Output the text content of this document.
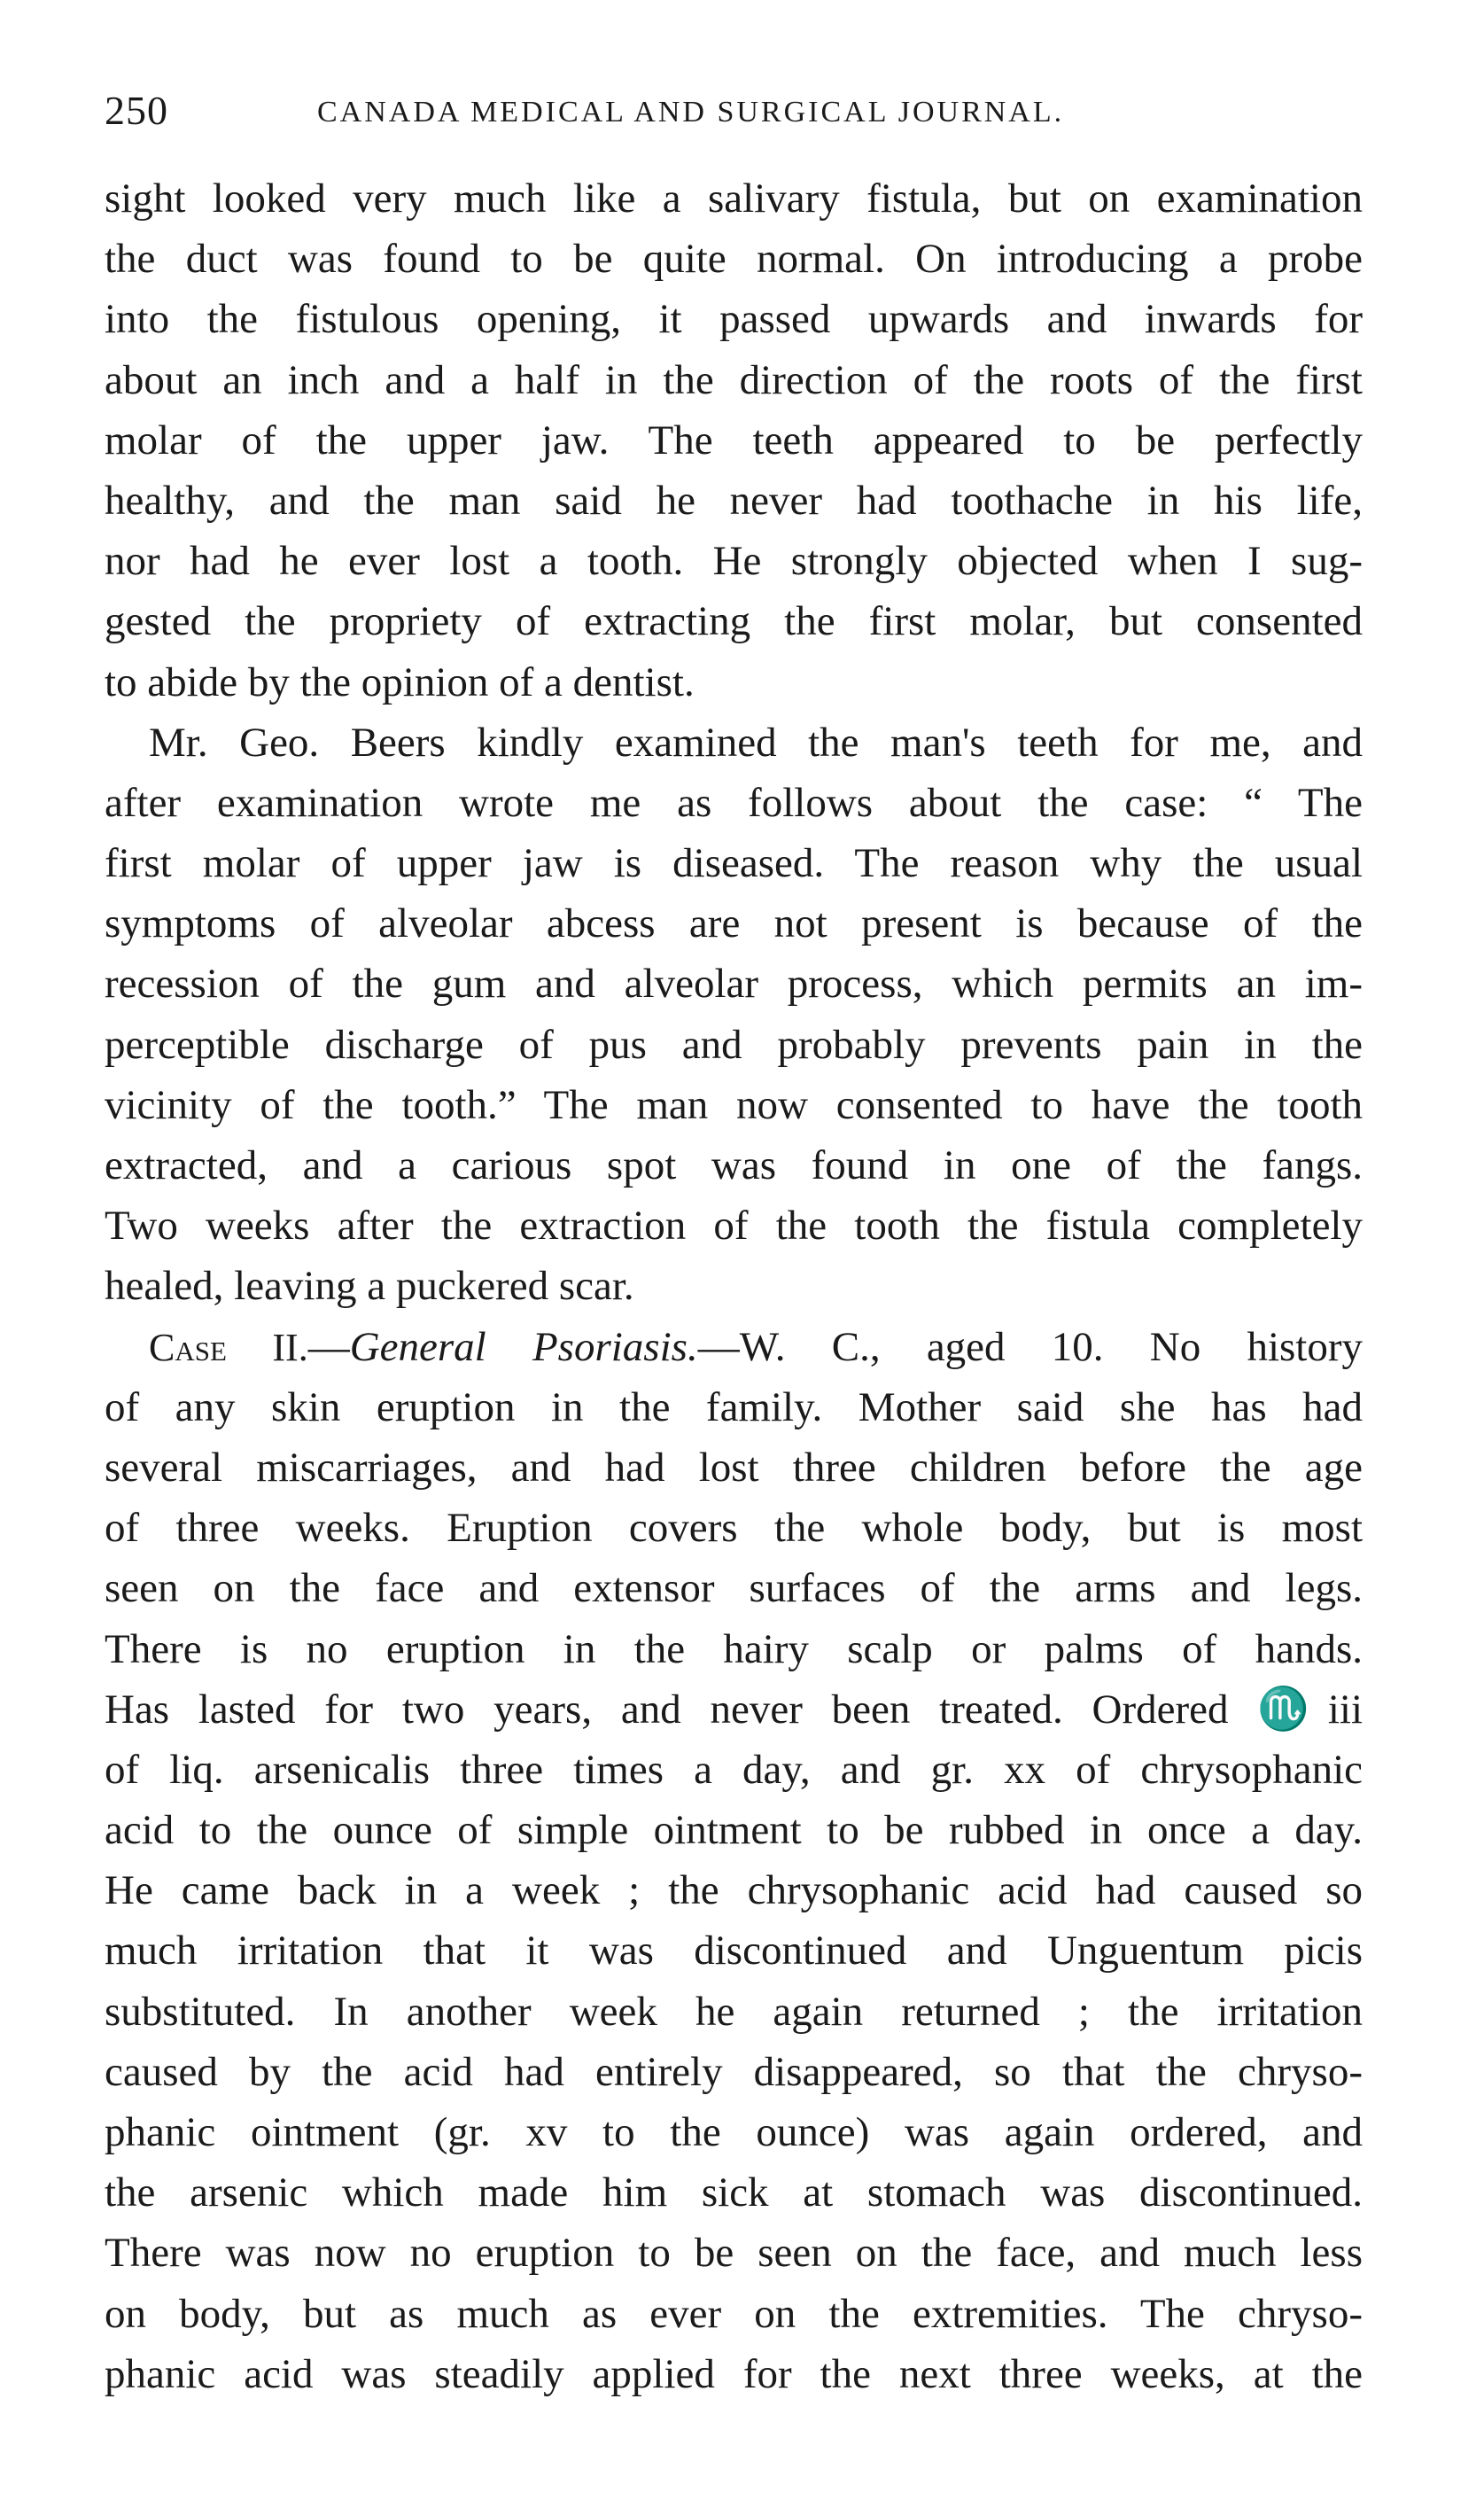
250	CANADA MEDICAL AND SURGICAL JOURNAL.
sight looked very much like a salivary fistula, but on examination
the duct was found to be quite normal. On introducing a probe
into the fistulous opening, it passed upwards and inwards for
about an inch and a half in the direction of the roots of the first
molar of the upper jaw. The teeth appeared to be perfectly
healthy, and the man said he never had toothache in his life,
nor had he ever lost a tooth. He strongly objected when I sug-
gested the propriety of extracting the first molar, but consented
to abide by the opinion of a dentist.
Mr. Geo. Beers kindly examined the man's teeth for me, and
after examination wrote me as follows about the case: “ The
first molar of upper jaw is diseased. The reason why the usual
symptoms of alveolar abcess are not present is because of the
recession of the gum and alveolar process, which permits an im-
perceptible discharge of pus and probably prevents pain in the
vicinity of the tooth.” The man now consented to have the tooth
extracted, and a carious spot was found in one of the fangs.
Two weeks after the extraction of the tooth the fistula completely
healed, leaving a puckered scar.
Case II.—General Psoriasis.—W. C., aged 10. No history
of any skin eruption in the family. Mother said she has had
several miscarriages, and had lost three children before the age
of three weeks. Eruption covers the whole body, but is most
seen on the face and extensor surfaces of the arms and legs.
There is no eruption in the hairy scalp or palms of hands.
Has lasted for two years, and never been treated. Ordered ♏iii
of liq. arsenicalis three times a day, and gr. xx of chrysophanic
acid to the ounce of simple ointment to be rubbed in once a day.
He came back in a week ; the chrysophanic acid had caused so
much irritation that it was discontinued and Unguentum picis
substituted. In another week he again returned ; the irritation
caused by the acid had entirely disappeared, so that the chryso-
phanic ointment (gr. xv to the ounce) was again ordered, and
the arsenic which made him sick at stomach was discontinued.
There was now no eruption to be seen on the face, and much less
on body, but as much as ever on the extremities. The chryso-
phanic acid was steadily applied for the next three weeks, at the
